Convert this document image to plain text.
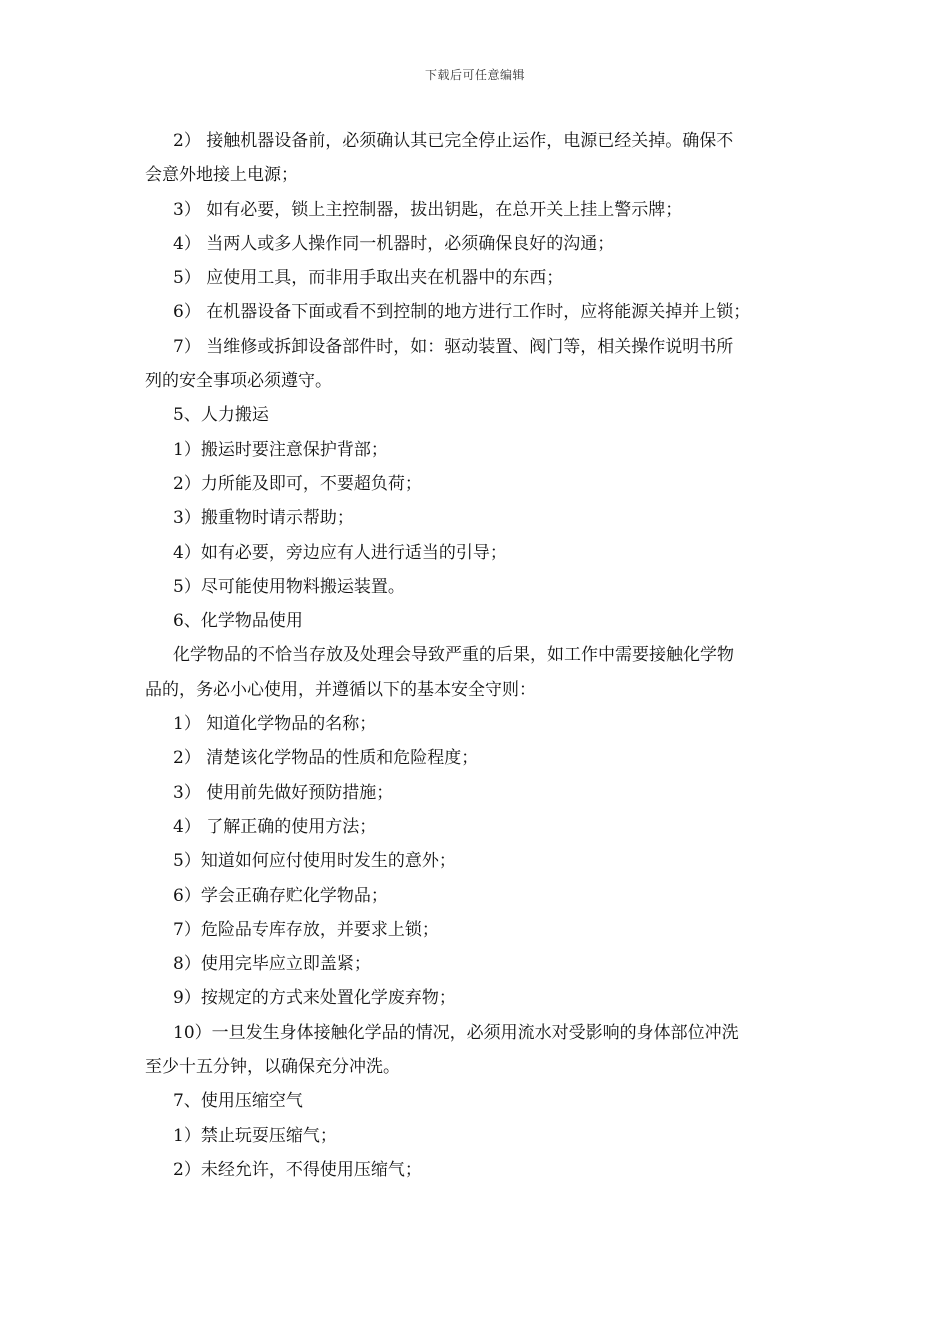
下载后可任意编辑
2） 接触机器设备前，必须确认其已完全停止运作，电源已经关掉。确保不
会意外地接上电源；
3） 如有必要，锁上主控制器，拔出钥匙，在总开关上挂上警示牌；
4） 当两人或多人操作同一机器时，必须确保良好的沟通；
5） 应使用工具，而非用手取出夹在机器中的东西；
6） 在机器设备下面或看不到控制的地方进行工作时，应将能源关掉并上锁；
7） 当维修或拆卸设备部件时，如：驱动装置、阀门等，相关操作说明书所
列的安全事项必须遵守。
5、人力搬运
1）搬运时要注意保护背部；
2）力所能及即可，不要超负荷；
3）搬重物时请示帮助；
4）如有必要，旁边应有人进行适当的引导；
5）尽可能使用物料搬运装置。
6、化学物品使用
化学物品的不恰当存放及处理会导致严重的后果，如工作中需要接触化学物
品的，务必小心使用，并遵循以下的基本安全守则：
1） 知道化学物品的名称；
2） 清楚该化学物品的性质和危险程度；
3） 使用前先做好预防措施；
4） 了解正确的使用方法；
5）知道如何应付使用时发生的意外；
6）学会正确存贮化学物品；
7）危险品专库存放，并要求上锁；
8）使用完毕应立即盖紧；
9）按规定的方式来处置化学废弃物；
10）一旦发生身体接触化学品的情况，必须用流水对受影响的身体部位冲洗
至少十五分钟，以确保充分冲洗。
7、使用压缩空气
1）禁止玩耍压缩气；
2）未经允许，不得使用压缩气；
